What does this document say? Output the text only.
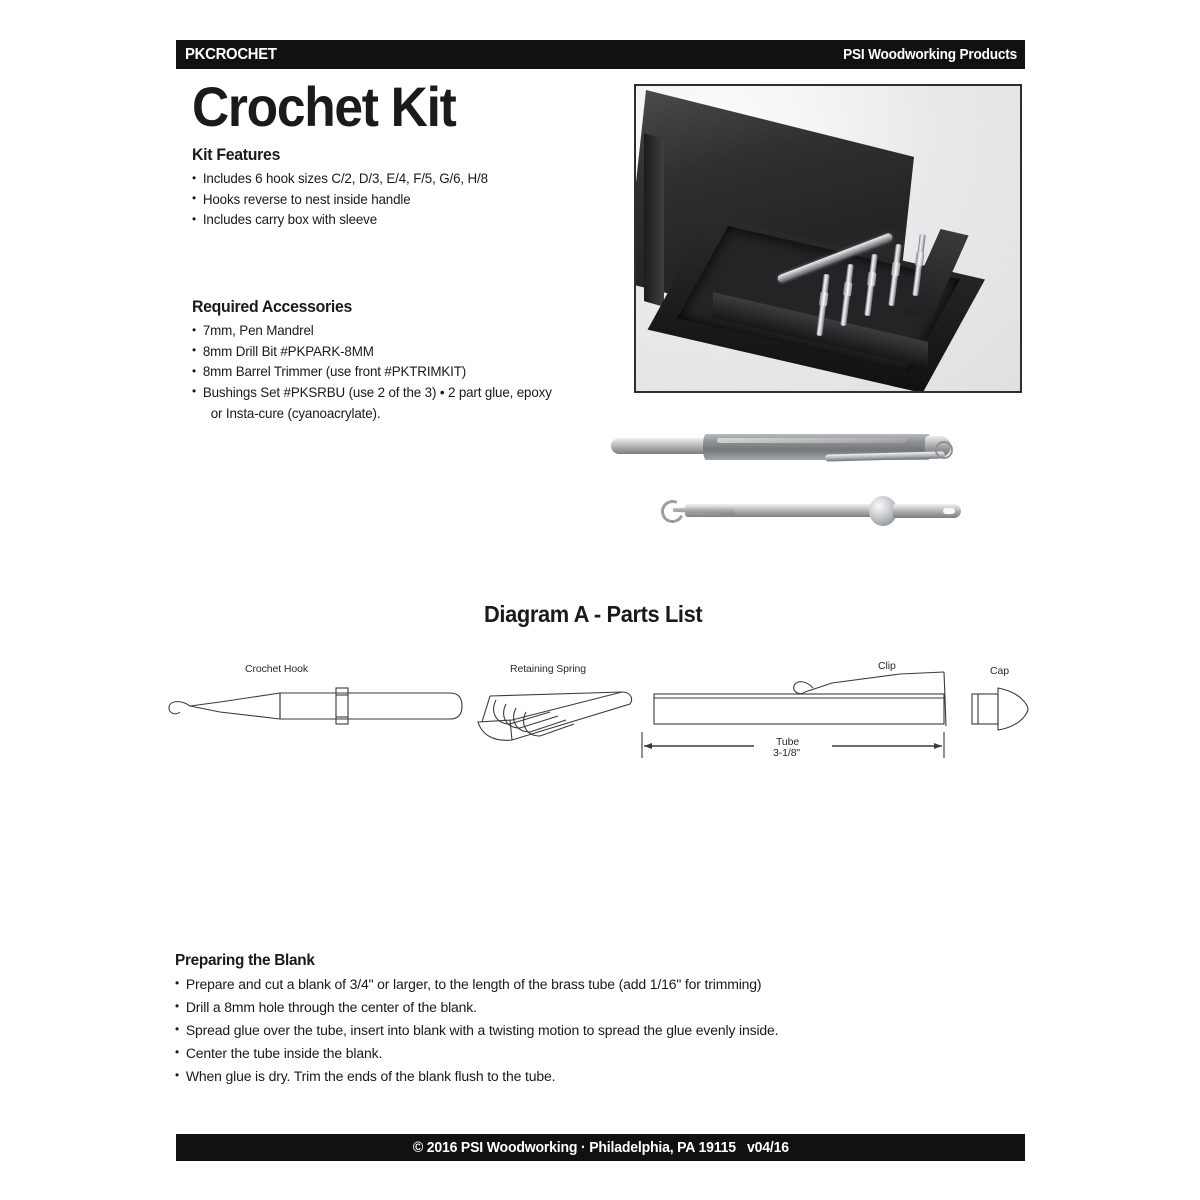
PKCROCHET	PSI Woodworking Products
Crochet Kit
Kit Features
• Includes 6 hook sizes C/2, D/3, E/4, F/5, G/6, H/8
• Hooks reverse to nest inside handle
• Includes carry box with sleeve
Required Accessories
• 7mm, Pen Mandrel
• 8mm Drill Bit #PKPARK-8MM
• 8mm Barrel Trimmer (use front #PKTRIMKIT)
• Bushings Set #PKSRBU (use 2 of the 3) • 2 part glue, epoxy
or Insta-cure (cyanoacrylate).
Diagram A - Parts List
Crochet Hook	Retaining Spring	Clip	Cap
Tube
3-1/8"
Preparing the Blank
• Prepare and cut a blank of 3/4" or larger, to the length of the brass tube (add 1/16" for trimming)
• Drill a 8mm hole through the center of the blank.
• Spread glue over the tube, insert into blank with a twisting motion to spread the glue evenly inside.
• Center the tube inside the blank.
• When glue is dry. Trim the ends of the blank flush to the tube.
© 2016 PSI Woodworking · Philadelphia, PA 19115   v04/16
